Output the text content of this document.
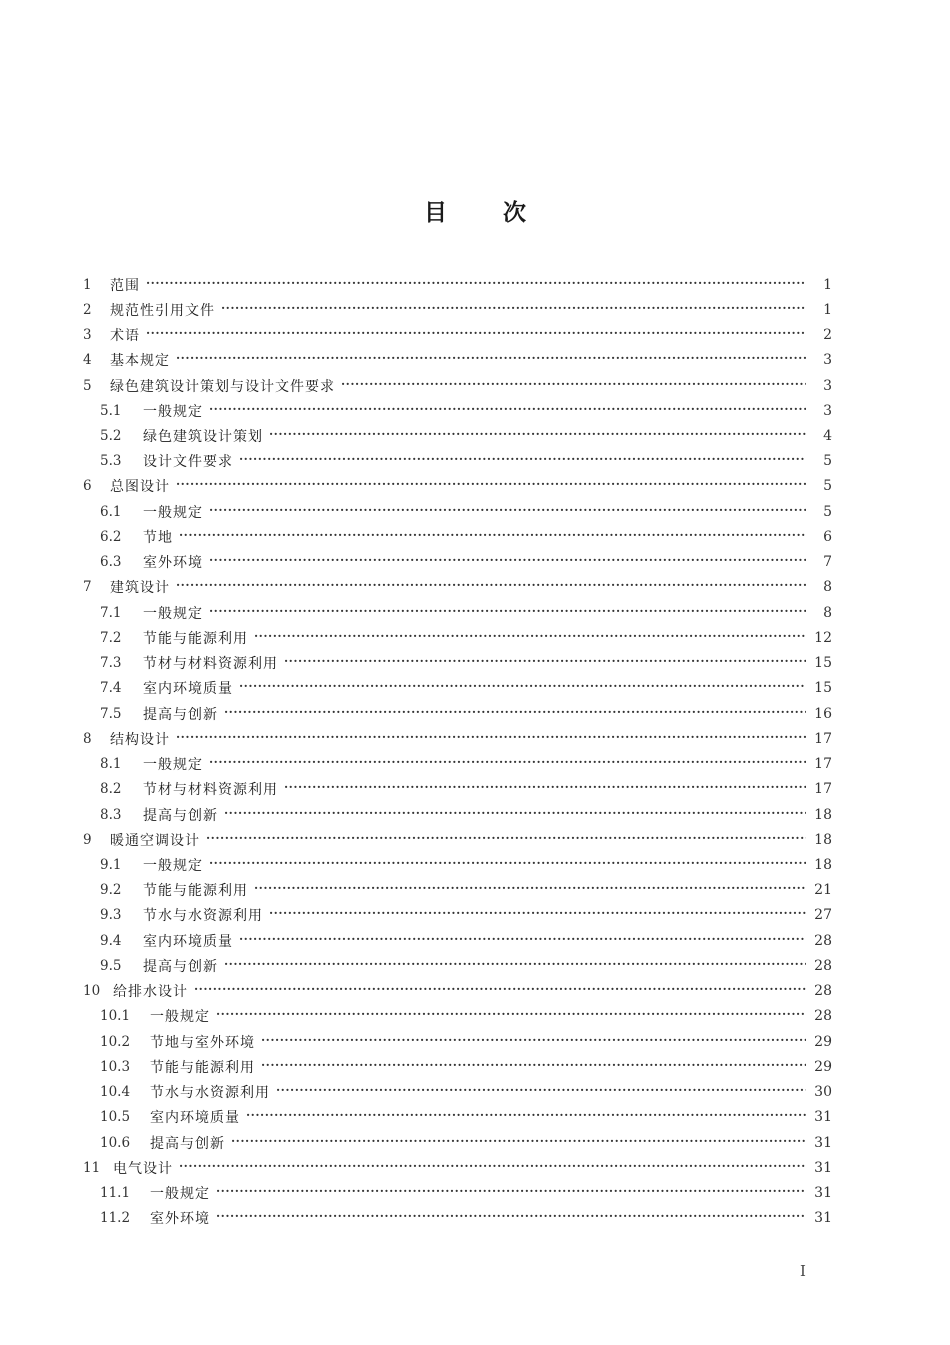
目 次
1	范围 ·····	1
2	规范性引用文件 ·····	1
3	术语 ·····	2
4	基本规定 ·····	3
5	绿色建筑设计策划与设计文件要求 ·····	3
5.1	一般规定 ·····	3
5.2	绿色建筑设计策划 ·····	4
5.3	设计文件要求 ·····	5
6	总图设计 ·····	5
6.1	一般规定 ·····	5
6.2	节地 ·····	6
6.3	室外环境 ·····	7
7	建筑设计 ·····	8
7.1	一般规定 ·····	8
7.2	节能与能源利用 ·····	12
7.3	节材与材料资源利用 ·····	15
7.4	室内环境质量 ·····	15
7.5	提高与创新 ·····	16
8	结构设计 ·····	17
8.1	一般规定 ·····	17
8.2	节材与材料资源利用 ·····	17
8.3	提高与创新 ·····	18
9	暖通空调设计 ·····	18
9.1	一般规定 ·····	18
9.2	节能与能源利用 ·····	21
9.3	节水与水资源利用 ·····	27
9.4	室内环境质量 ·····	28
9.5	提高与创新 ·····	28
10 给排水设计 ·····	28
10.1	一般规定 ·····	28
10.2	节地与室外环境 ·····	29
10.3	节能与能源利用 ·····	29
10.4	节水与水资源利用 ·····	30
10.5	室内环境质量 ·····	31
10.6	提高与创新 ·····	31
11 电气设计 ·····	31
11.1	一般规定 ·····	31
11.2	室外环境 ·····	31
I
